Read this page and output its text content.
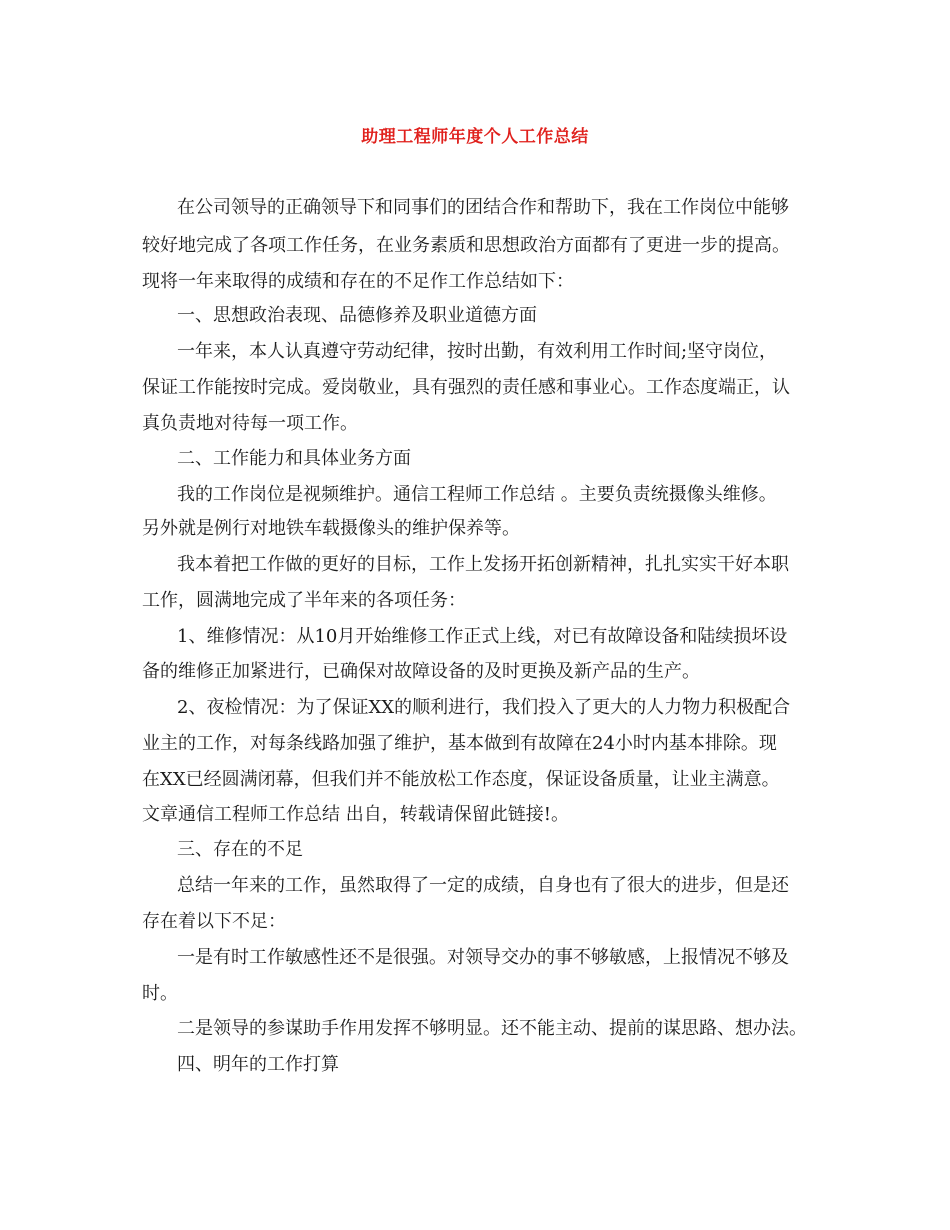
助理工程师年度个人工作总结
在公司领导的正确领导下和同事们的团结合作和帮助下，我在工作岗位中能够
较好地完成了各项工作任务，在业务素质和思想政治方面都有了更进一步的提高。
现将一年来取得的成绩和存在的不足作工作总结如下：
一、思想政治表现、品德修养及职业道德方面
一年来，本人认真遵守劳动纪律，按时出勤，有效利用工作时间;坚守岗位，
保证工作能按时完成。爱岗敬业，具有强烈的责任感和事业心。工作态度端正，认
真负责地对待每一项工作。
二、工作能力和具体业务方面
我的工作岗位是视频维护。通信工程师工作总结 。主要负责统摄像头维修。
另外就是例行对地铁车载摄像头的维护保养等。
我本着把工作做的更好的目标，工作上发扬开拓创新精神，扎扎实实干好本职
工作，圆满地完成了半年来的各项任务：
1、维修情况：从10月开始维修工作正式上线，对已有故障设备和陆续损坏设
备的维修正加紧进行，已确保对故障设备的及时更换及新产品的生产。
2、夜检情况：为了保证XX的顺利进行，我们投入了更大的人力物力积极配合
业主的工作，对每条线路加强了维护，基本做到有故障在24小时内基本排除。现
在XX已经圆满闭幕，但我们并不能放松工作态度，保证设备质量，让业主满意。
文章通信工程师工作总结 出自，转载请保留此链接!。
三、存在的不足
总结一年来的工作，虽然取得了一定的成绩，自身也有了很大的进步，但是还
存在着以下不足：
一是有时工作敏感性还不是很强。对领导交办的事不够敏感，上报情况不够及
时。
二是领导的参谋助手作用发挥不够明显。还不能主动、提前的谋思路、想办法。
四、明年的工作打算
